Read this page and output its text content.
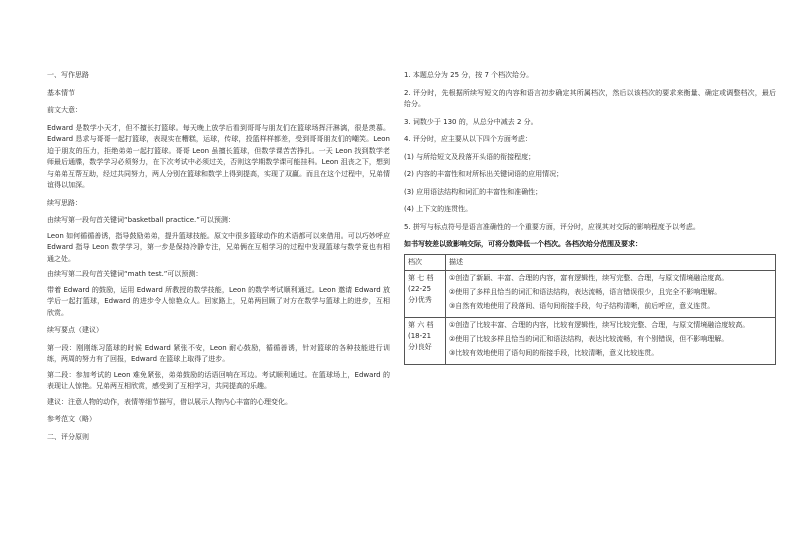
一、写作思路

基本情节

前文大意：

Edward 是数学小天才，但不擅长打篮球。每天晚上放学后看到哥哥与朋友们在篮球场挥汗淋漓，很是羡慕。Edward 恳求与哥哥一起打篮球，表现实在糟糕，运球，传球，投篮样样都差，受到哥哥朋友们的嘲笑。Leon 迫于朋友的压力，拒绝弟弟一起打篮球。哥哥 Leon 虽擅长篮球，但数学课苦苦挣扎。一天 Leon 找到数学老师最后通牒，数学学习必须努力，在下次考试中必须过关，否则这学期数学课可能挂科。Leon 沮丧之下，想到与弟弟互帮互助，经过共同努力，两人分别在篮球和数学上得到提高，实现了双赢。而且在这个过程中，兄弟情谊得以加深。

续写思路：

由续写第一段句首关键词“basketball practice.”可以预测：

Leon 如何循循善诱，指导鼓励弟弟，提升篮球技能。原文中很多篮球动作的术语都可以来借用。可以巧妙呼应 Edward 指导 Leon 数学学习，第一步是保持冷静专注，兄弟俩在互相学习的过程中发现篮球与数学竟也有相通之处。

由续写第二段句首关键词“math test.”可以预测：

带着 Edward 的鼓励，运用 Edward 所教授的数学技能，Leon 的数学考试顺利通过。Leon 邀请 Edward 放学后一起打篮球，Edward 的进步令人惊艳众人。回家路上，兄弟两回顾了对方在数学与篮球上的进步，互相欣赏。

续写要点（建议）

第一段：刚刚练习篮球的时候 Edward 紧张不安，Leon 耐心鼓励，循循善诱，针对篮球的各种技能进行训练，两周的努力有了回报，Edward 在篮球上取得了进步。

第二段：参加考试的 Leon 难免紧张，弟弟鼓励的话语回响在耳边。考试顺利通过。在篮球场上，Edward 的表现让人惊艳。兄弟两互相欣赏，感受到了互相学习，共同提高的乐趣。

建议：注意人物的动作，表情等细节描写，借以展示人物内心丰富的心理变化。

参考范文（略）

二、评分原则

1. 本题总分为 25 分，按 7 个档次给分。

2. 评分时，先根据所续写短文的内容和语言初步确定其所属档次，然后以该档次的要求来衡量、确定或调整档次，最后给分。

3. 词数少于 130 的，从总分中减去 2 分。

4. 评分时，应主要从以下四个方面考虑：

(1) 与所给短文及段落开头语的衔接程度；

(2) 内容的丰富性和对所标出关键词语的应用情况；

(3) 应用语法结构和词汇的丰富性和准确性；

(4) 上下文的连贯性。

5. 拼写与标点符号是语言准确性的一个重要方面，评分时，应视其对交际的影响程度予以考虑。

如书写较差以致影响交际，可将分数降低一个档次。各档次给分范围及要求：

档次	描述
第 七 档(22-25 分)优秀	①创造了新颖、丰富、合理的内容，富有逻辑性，续写完整、合理，与原文情境融洽度高。

②使用了多样且恰当的词汇和语法结构，表达流畅，语言错误很少，且完全不影响理解。

③自然有效地使用了段落间、语句间衔接手段，句子结构清晰，前后呼应，意义连贯。

第 六 档(18-21 分)良好	①创造了比较丰富、合理的内容，比较有逻辑性，续写比较完整、合理，与原文情境融洽度较高。

②使用了比较多样且恰当的词汇和语法结构，表达比较流畅，有个别错误，但不影响理解。

③比较有效地使用了语句间的衔接手段，比较清晰，意义比较连贯。
